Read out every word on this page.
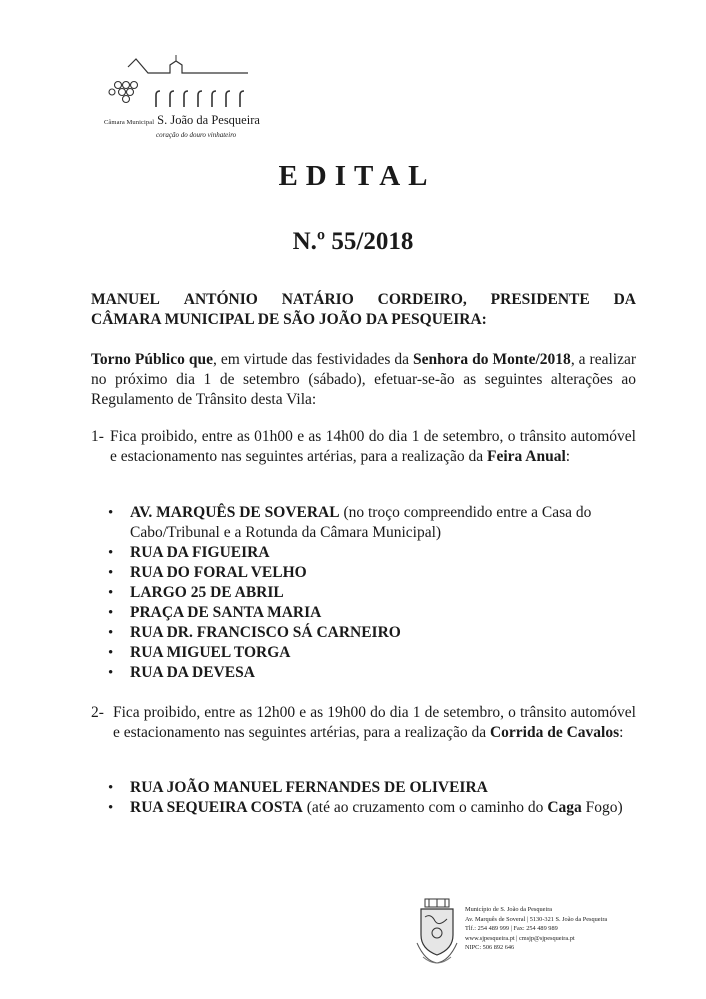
Câmara Municipal S. João da Pesqueira
coração do douro vinhateiro
EDITAL
N.º 55/2018
MANUEL ANTÓNIO NATÁRIO CORDEIRO, PRESIDENTE DA
CÂMARA MUNICIPAL DE SÃO JOÃO DA PESQUEIRA:
Torno Público que, em virtude das festividades da Senhora do Monte/2018, a realizar no próximo dia 1 de setembro (sábado), efetuar-se-ão as seguintes alterações ao Regulamento de Trânsito desta Vila:
1- Fica proibido, entre as 01h00 e as 14h00 do dia 1 de setembro, o trânsito automóvel e estacionamento nas seguintes artérias, para a realização da Feira Anual:
• AV. MARQUÊS DE SOVERAL (no troço compreendido entre a Casa do Cabo/Tribunal e a Rotunda da Câmara Municipal)
• RUA DA FIGUEIRA
• RUA DO FORAL VELHO
• LARGO 25 DE ABRIL
• PRAÇA DE SANTA MARIA
• RUA DR. FRANCISCO SÁ CARNEIRO
• RUA MIGUEL TORGA
• RUA DA DEVESA
2- Fica proibido, entre as 12h00 e as 19h00 do dia 1 de setembro, o trânsito automóvel e estacionamento nas seguintes artérias, para a realização da Corrida de Cavalos:
• RUA JOÃO MANUEL FERNANDES DE OLIVEIRA
• RUA SEQUEIRA COSTA (até ao cruzamento com o caminho do Caga Fogo)
Município de S. João da Pesqueira
Av. Marquês de Soveral | 5130-321 S. João da Pesqueira
Tlf.: 254 489 999 | Fax: 254 489 989
www.sjpesqueira.pt | cmsjp@sjpesqueira.pt
NIPC: 506 892 646
